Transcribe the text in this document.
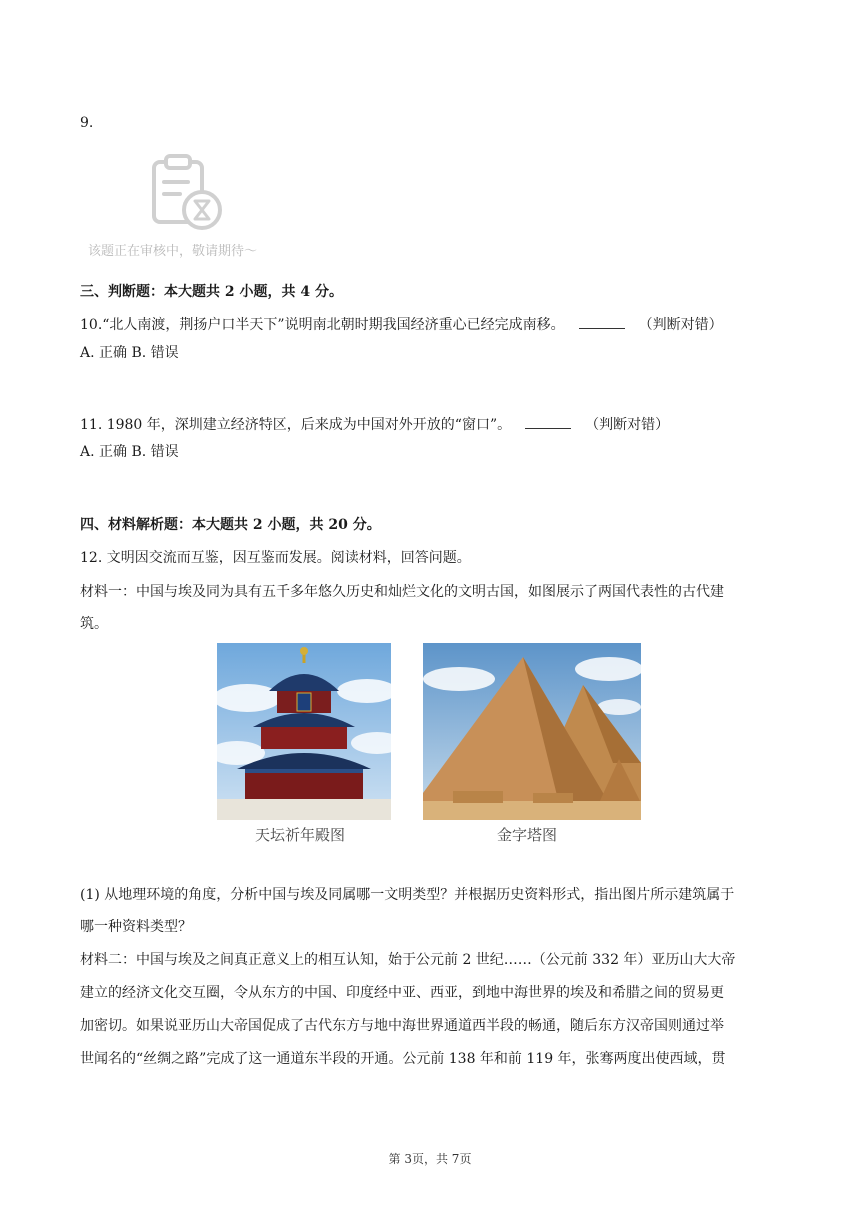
9.
该题正在审核中，敬请期待～
三、判断题：本大题共 2 小题，共 4 分。
10.“北人南渡，荆扬户口半天下”说明南北朝时期我国经济重心已经完成南移。	（判断对错）
A. 正确 B. 错误
11. 1980 年，深圳建立经济特区，后来成为中国对外开放的“窗口”。	（判断对错）
A. 正确 B. 错误
四、材料解析题：本大题共 2 小题，共 20 分。
12. 文明因交流而互鉴，因互鉴而发展。阅读材料，回答问题。
材料一：中国与埃及同为具有五千多年悠久历史和灿烂文化的文明古国，如图展示了两国代表性的古代建
筑。
天坛祈年殿图	金字塔图
(1) 从地理环境的角度，分析中国与埃及同属哪一文明类型？并根据历史资料形式，指出图片所示建筑属于
哪一种资料类型？
材料二：中国与埃及之间真正意义上的相互认知，始于公元前 2 世纪……（公元前 332 年）亚历山大大帝
建立的经济文化交互圈，令从东方的中国、印度经中亚、西亚，到地中海世界的埃及和希腊之间的贸易更
加密切。如果说亚历山大帝国促成了古代东方与地中海世界通道西半段的畅通，随后东方汉帝国则通过举
世闻名的“丝绸之路”完成了这一通道东半段的开通。公元前 138 年和前 119 年，张骞两度出使西域，贯
第 3页，共 7页
